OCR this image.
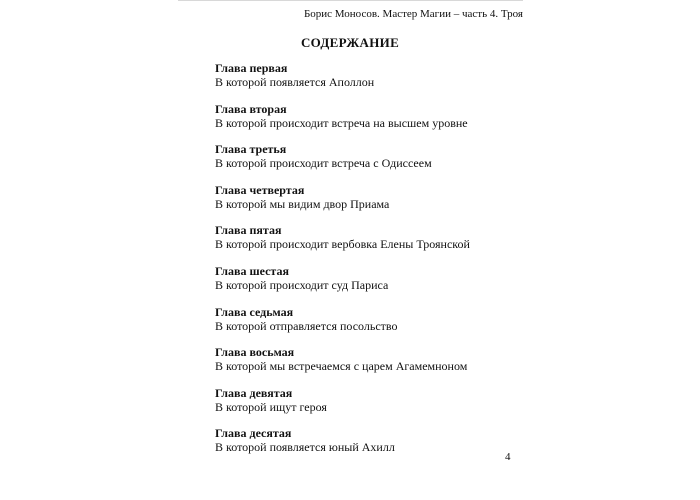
Борис Моносов. Мастер Магии – часть 4. Троя
СОДЕРЖАНИЕ
Глава первая
В которой появляется Аполлон
Глава вторая
В которой происходит встреча на высшем уровне
Глава третья
В которой происходит встреча с Одиссеем
Глава четвертая
В которой мы видим двор Приама
Глава пятая
В которой происходит вербовка Елены Троянской
Глава шестая
В которой происходит суд Париса
Глава седьмая
В которой отправляется посольство
Глава восьмая
В которой мы встречаемся с царем Агамемноном
Глава девятая
В которой ищут героя
Глава десятая
В которой появляется юный Ахилл
4
